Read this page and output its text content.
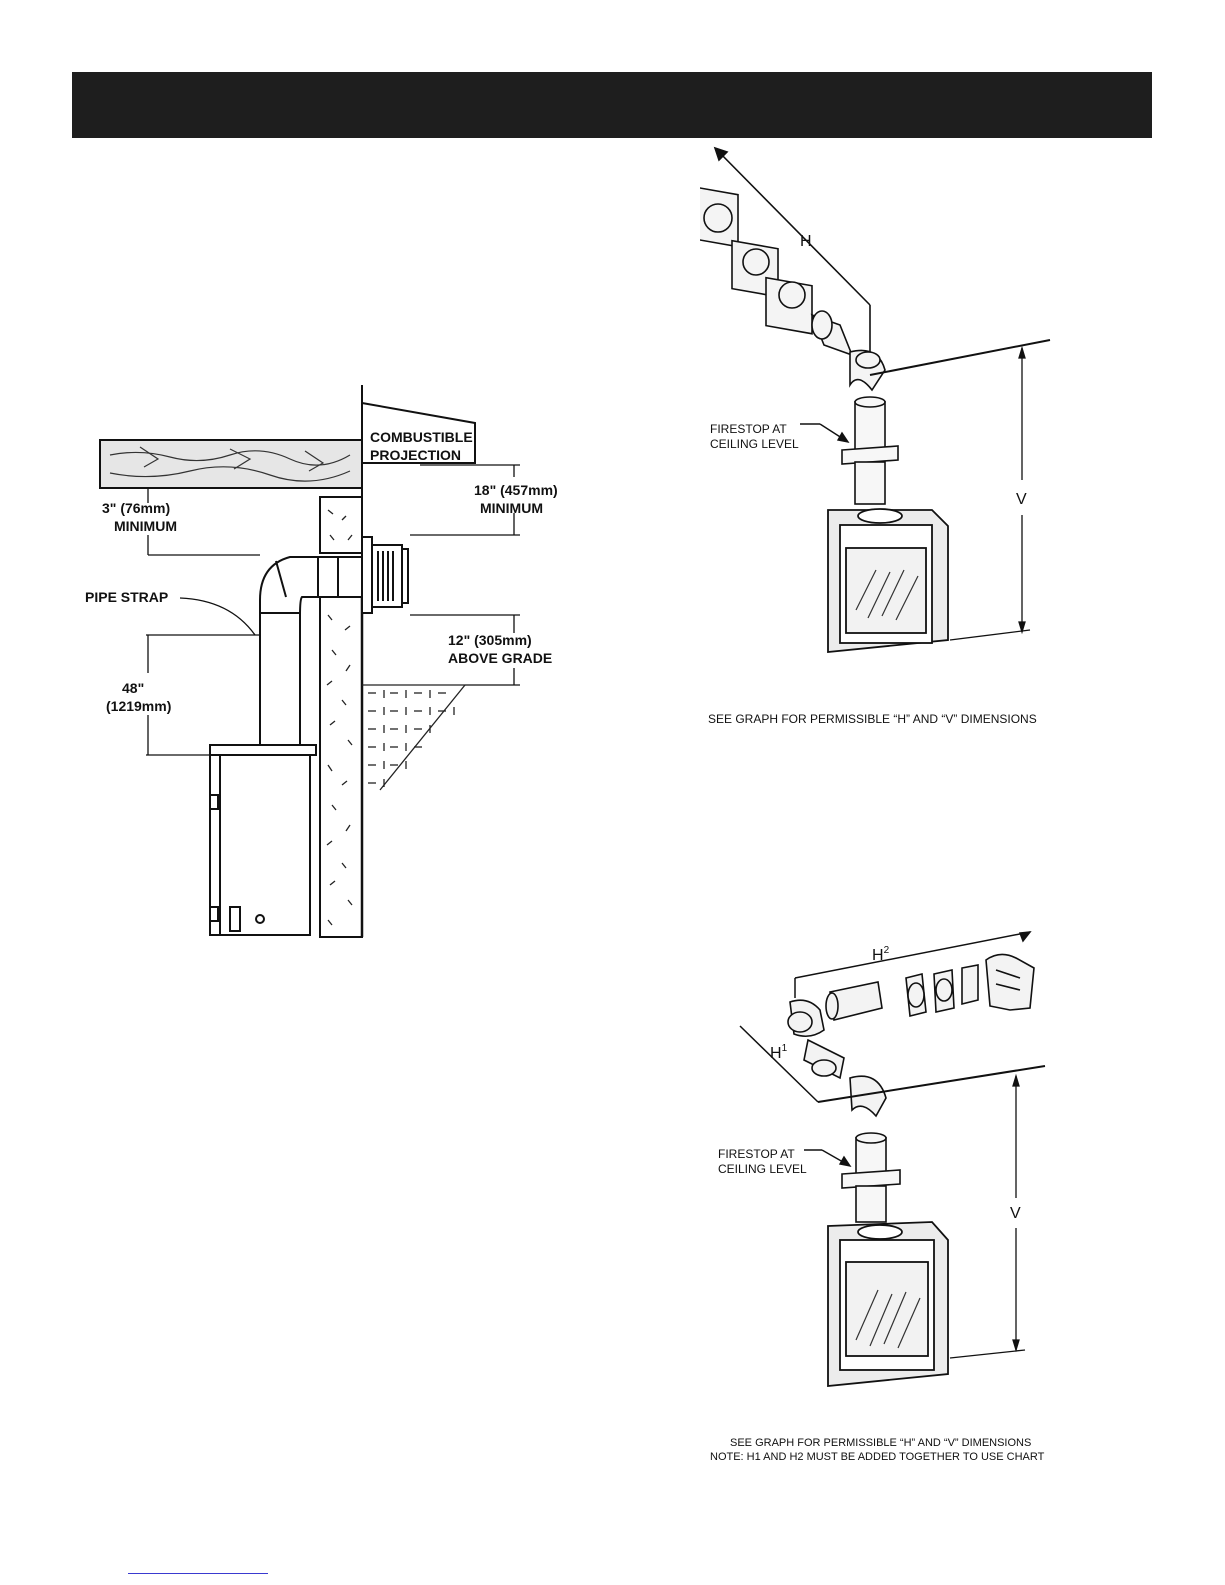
COMBUSTIBLE
PROJECTION
3" (76mm)
MINIMUM
18" (457mm)
MINIMUM
PIPE STRAP
48"
(1219mm)
12" (305mm)
ABOVE GRADE
H
V
FIRESTOP AT
CEILING LEVEL
SEE GRAPH FOR PERMISSIBLE “H” AND “V” DIMENSIONS
$H^2$
$H^1$
V
FIRESTOP AT
CEILING LEVEL
SEE GRAPH FOR PERMISSIBLE “H” AND “V” DIMENSIONS
NOTE: H1 AND H2 MUST BE ADDED TOGETHER TO USE CHART
